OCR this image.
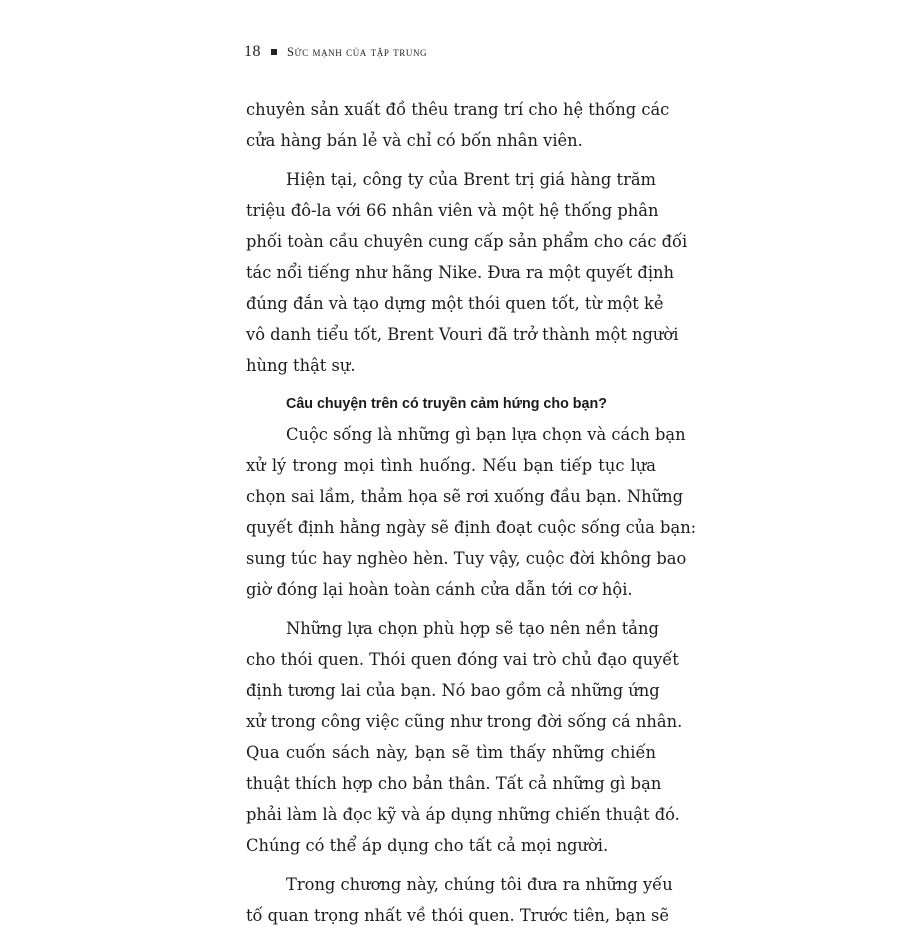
18 Sức mạnh của tập trung
chuyên sản xuất đồ thêu trang trí cho hệ thống các
cửa hàng bán lẻ và chỉ có bốn nhân viên.
Hiện tại, công ty của Brent trị giá hàng trăm
triệu đô-la với 66 nhân viên và một hệ thống phân
phối toàn cầu chuyên cung cấp sản phẩm cho các đối
tác nổi tiếng như hãng Nike. Đưa ra một quyết định
đúng đắn và tạo dựng một thói quen tốt, từ một kẻ
vô danh tiểu tốt, Brent Vouri đã trở thành một người
hùng thật sự.
Câu chuyện trên có truyền cảm hứng cho bạn?
Cuộc sống là những gì bạn lựa chọn và cách bạn
xử lý trong mọi tình huống. Nếu bạn tiếp tục lựa
chọn sai lầm, thảm họa sẽ rơi xuống đầu bạn. Những
quyết định hằng ngày sẽ định đoạt cuộc sống của bạn:
sung túc hay nghèo hèn. Tuy vậy, cuộc đời không bao
giờ đóng lại hoàn toàn cánh cửa dẫn tới cơ hội.
Những lựa chọn phù hợp sẽ tạo nên nền tảng
cho thói quen. Thói quen đóng vai trò chủ đạo quyết
định tương lai của bạn. Nó bao gồm cả những ứng
xử trong công việc cũng như trong đời sống cá nhân.
Qua cuốn sách này, bạn sẽ tìm thấy những chiến
thuật thích hợp cho bản thân. Tất cả những gì bạn
phải làm là đọc kỹ và áp dụng những chiến thuật đó.
Chúng có thể áp dụng cho tất cả mọi người.
Trong chương này, chúng tôi đưa ra những yếu
tố quan trọng nhất về thói quen. Trước tiên, bạn sẽ
